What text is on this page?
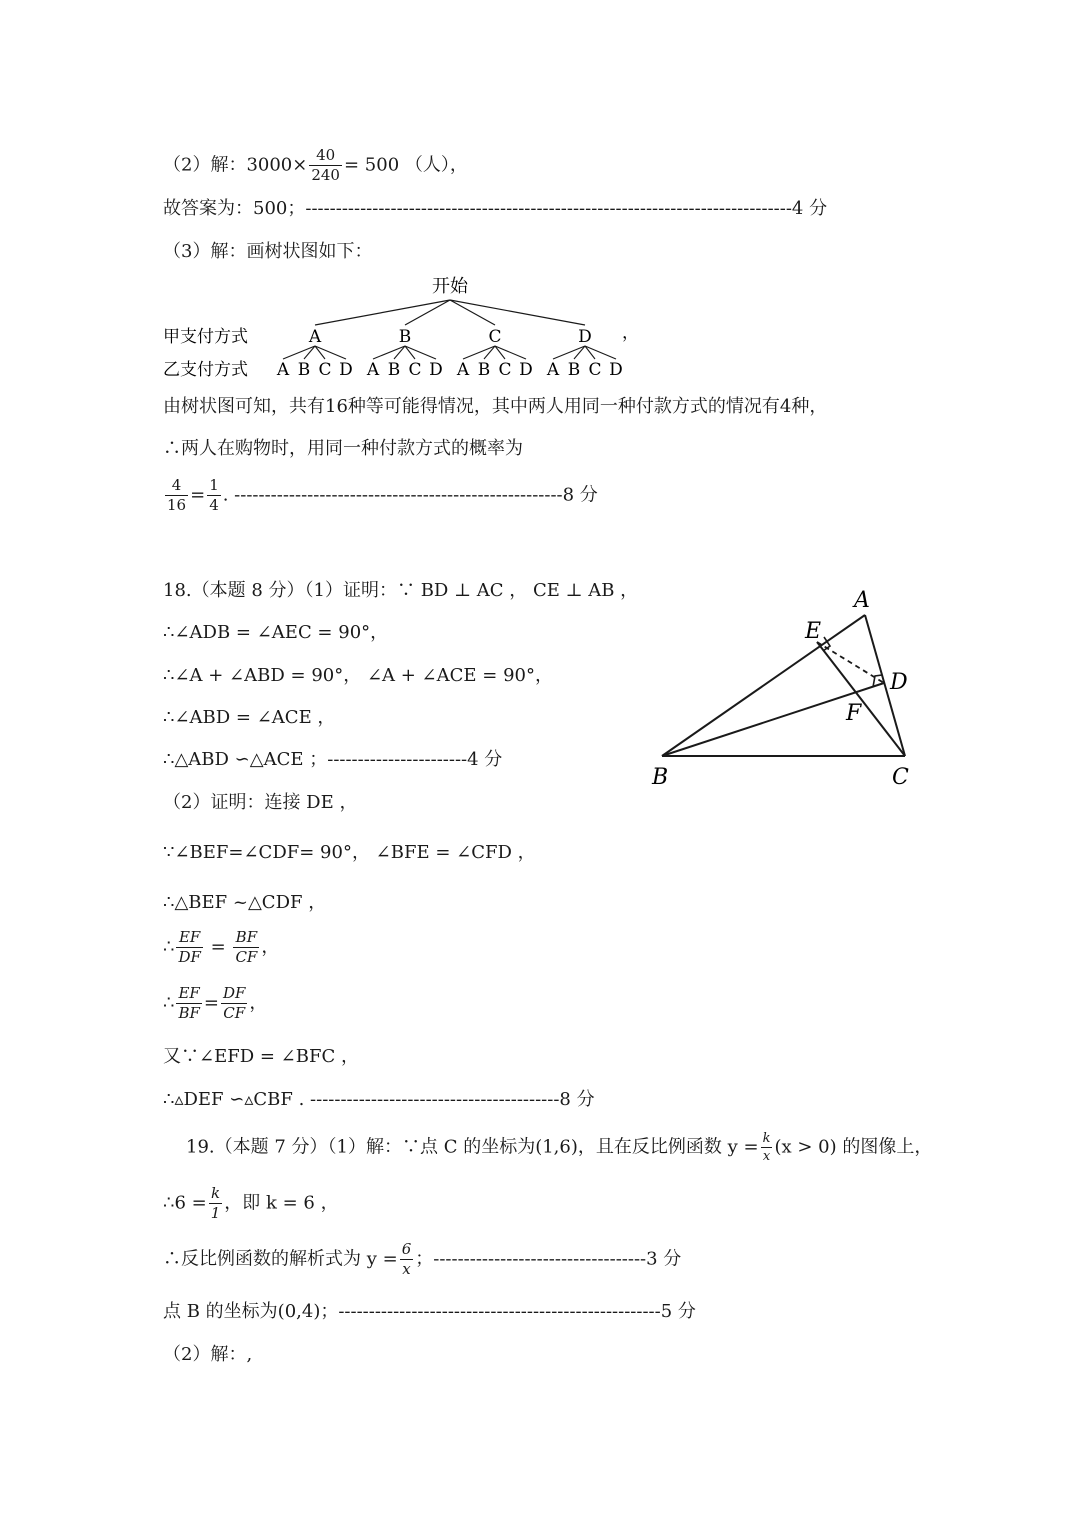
（2）解：$3000\times \frac{40}{240} = 500$ （人），
故答案为：500；--------------------------------------------------------------------------------4 分
（3）解：画树状图如下：
开始
甲支付方式
乙支付方式
A	B	C	D
A B C D A B C D A B C D A B C D
，
由树状图可知，共有16种等可能得情况，其中两人用同一种付款方式的情况有4种，
∴两人在购物时，用同一种付款方式的概率为
$\frac{4}{16} = \frac{1}{4}$ . ------------------------------------------------------8 分
18.（本题 8 分）（1）证明：∵ BD ⊥ AC ， CE ⊥ AB ，
∴∠ADB = ∠AEC = 90°，
∴∠A + ∠ABD = 90°， ∠A + ∠ACE = 90°，
∴∠ABD = ∠ACE ，
∴△ABD ∽△ACE ；-----------------------4 分
（2）证明：连接 DE ，
∵∠BEF=∠CDF= 90°， ∠BFE = ∠CFD ，
∴△BEF ~△CDF ，
∴ $\frac{EF}{DF} = \frac{BF}{CF}$ ，
∴ $\frac{EF}{BF} = \frac{DF}{CF}$ ，
又∵∠EFD = ∠BFC ，
∴▵DEF ∽▵CBF . -----------------------------------------8 分
A
E
D
F
B	C
19.（本题 7 分）（1）解：∵点 C 的坐标为(1,6)，且在反比例函数 $y = \frac{k}{x} (x > 0)$ 的图像上，
∴6 = $\frac{k}{1}$ ，即 k = 6 ，
∴反比例函数的解析式为 $y = \frac{6}{x}$ ；-----------------------------------3 分
点 B 的坐标为(0,4)；-----------------------------------------------------5 分
（2）解：,
